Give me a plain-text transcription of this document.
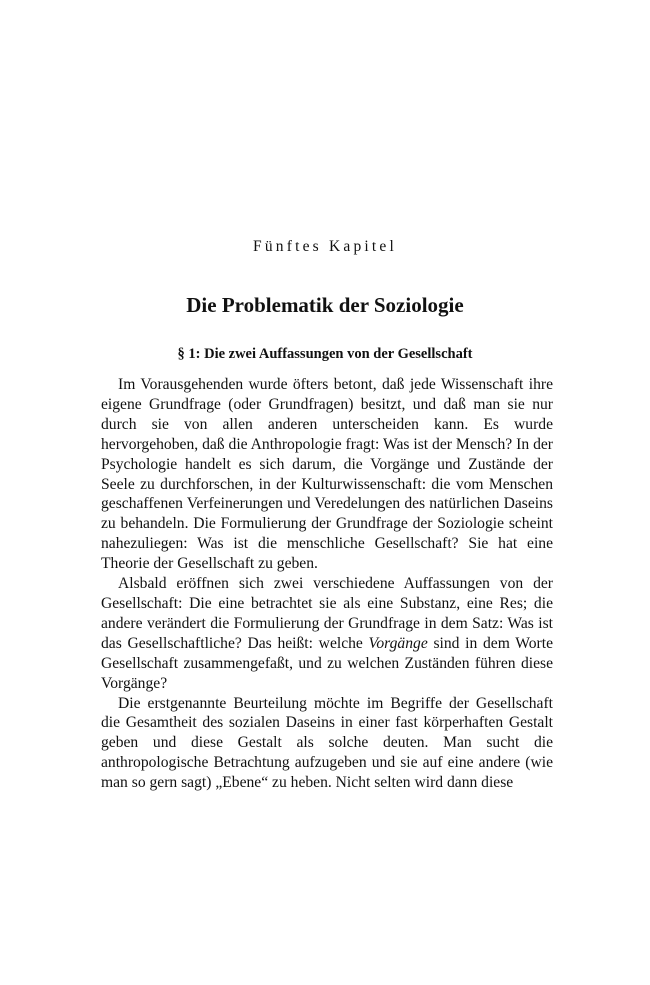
Fünftes Kapitel
Die Problematik der Soziologie
§ 1: Die zwei Auffassungen von der Gesellschaft

Im Vorausgehenden wurde öfters betont, daß jede Wissenschaft ihre eigene Grundfrage (oder Grundfragen) besitzt, und daß man sie nur durch sie von allen anderen unterscheiden kann. Es wurde hervorgehoben, daß die Anthropologie fragt: Was ist der Mensch? In der Psychologie handelt es sich darum, die Vorgänge und Zustände der Seele zu durchforschen, in der Kulturwissenschaft: die vom Menschen geschaffenen Verfeinerungen und Veredelungen des natürlichen Daseins zu behandeln. Die Formulierung der Grundfrage der Soziologie scheint nahezuliegen: Was ist die menschliche Gesellschaft? Sie hat eine Theorie der Gesellschaft zu geben.

Alsbald eröffnen sich zwei verschiedene Auffassungen von der Gesellschaft: Die eine betrachtet sie als eine Substanz, eine Res; die andere verändert die Formulierung der Grundfrage in dem Satz: Was ist das Gesellschaftliche? Das heißt: welche Vorgänge sind in dem Worte Gesellschaft zusammengefaßt, und zu welchen Zuständen führen diese Vorgänge?

Die erstgenannte Beurteilung möchte im Begriffe der Gesellschaft die Gesamtheit des sozialen Daseins in einer fast körperhaften Gestalt geben und diese Gestalt als solche deuten. Man sucht die anthropologische Betrachtung aufzugeben und sie auf eine andere (wie man so gern sagt) „Ebene“ zu heben. Nicht selten wird dann diese
